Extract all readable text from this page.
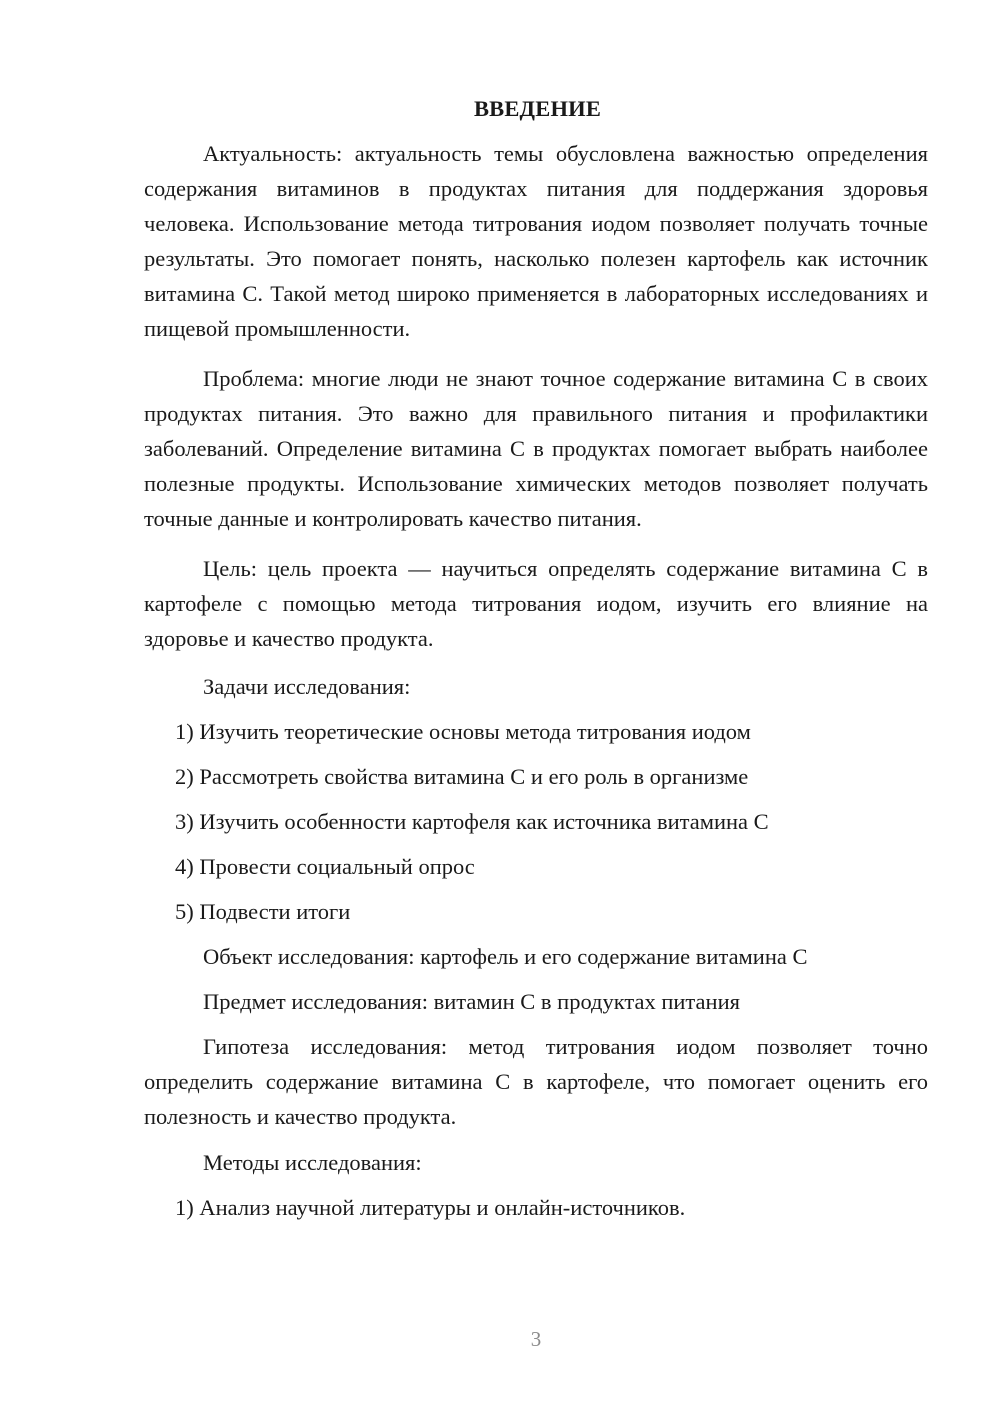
ВВЕДЕНИЕ

Актуальность: актуальность темы обусловлена важностью определения содержания витаминов в продуктах питания для поддержания здоровья человека. Использование метода титрования иодом позволяет получать точные результаты. Это помогает понять, насколько полезен картофель как источник витамина С. Такой метод широко применяется в лабораторных исследованиях и пищевой промышленности.

Проблема: многие люди не знают точное содержание витамина С в своих продуктах питания. Это важно для правильного питания и профилактики заболеваний. Определение витамина С в продуктах помогает выбрать наиболее полезные продукты. Использование химических методов позволяет получать точные данные и контролировать качество питания.

Цель: цель проекта — научиться определять содержание витамина С в картофеле с помощью метода титрования иодом, изучить его влияние на здоровье и качество продукта.

Задачи исследования:

1) Изучить теоретические основы метода титрования иодом

2) Рассмотреть свойства витамина С и его роль в организме

3) Изучить особенности картофеля как источника витамина С

4) Провести социальный опрос

5) Подвести итоги

Объект исследования: картофель и его содержание витамина С

Предмет исследования: витамин С в продуктах питания

Гипотеза исследования: метод титрования иодом позволяет точно определить содержание витамина С в картофеле, что помогает оценить его полезность и качество продукта.

Методы исследования:

1) Анализ научной литературы и онлайн-источников.

3
